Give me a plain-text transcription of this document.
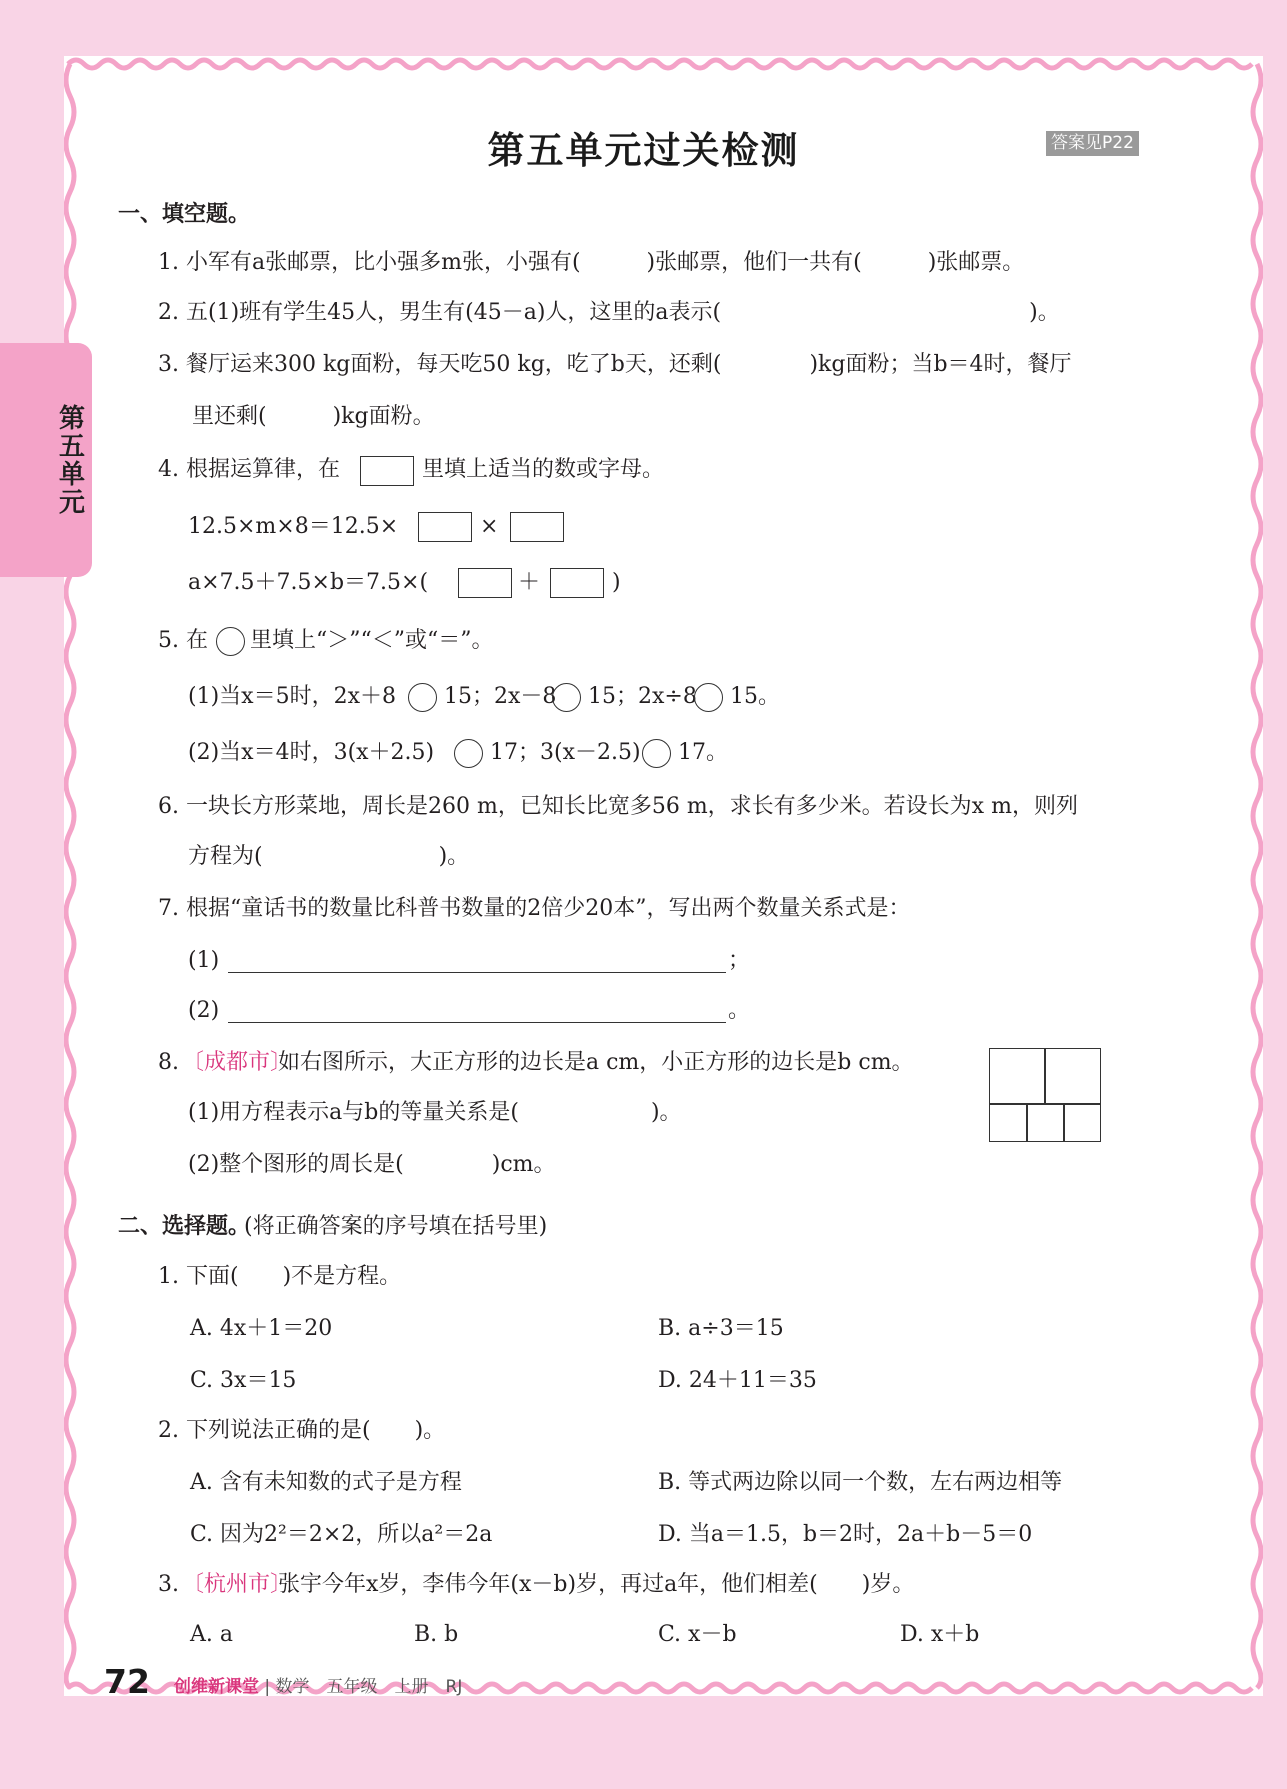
第五单元
第五单元过关检测	答案见P22
一、填空题。
1. 小军有a张邮票，比小强多m张，小强有(　　　)张邮票，他们一共有(　　　)张邮票。
2. 五(1)班有学生45人，男生有(45－a)人，这里的a表示(　　　　　　　　　　　　　　)。
3. 餐厅运来300 kg面粉，每天吃50 kg，吃了b天，还剩(　　　　)kg面粉；当b＝4时，餐厅
里还剩(　　　)kg面粉。
4. 根据运算律，在	里填上适当的数或字母。
12.5×m×8＝12.5×	×
a×7.5＋7.5×b＝7.5×(	＋	)
5. 在 里填上“＞”“＜”或“＝”。
(1)当x＝5时，2x＋8 15；2x－8 15；2x÷8 15。
(2)当x＝4时，3(x＋2.5)	17；3(x－2.5) 17。
6. 一块长方形菜地，周长是260 m，已知长比宽多56 m，求长有多少米。若设长为x m，则列
方程为(　　　　　　　　)。
7. 根据“童话书的数量比科普书数量的2倍少20本”，写出两个数量关系式是：
(1)	；
(2)	。
8. 〔成都市〕
如右图所示，大正方形的边长是a cm，小正方形的边长是b cm。
(1)用方程表示a与b的等量关系是(　　　　　　)。
(2)整个图形的周长是(　　　　)cm。
二、选择题。
(将正确答案的序号填在括号里)
1. 下面(　　)不是方程。
A. 4x＋1＝20	B. a÷3＝15
C. 3x＝15	D. 24＋11＝35
2. 下列说法正确的是(　　)。
A. 含有未知数的式子是方程	B. 等式两边除以同一个数，左右两边相等
C. 因为2²＝2×2，所以a²＝2a	D. 当a＝1.5，b＝2时，2a＋b－5＝0
3. 〔杭州市〕
张宇今年x岁，李伟今年(x－b)岁，再过a年，他们相差(　　)岁。
A. a	B. b	C. x－b	D. x＋b
72 创维新课堂 | 数学　五年级　上册　RJ
